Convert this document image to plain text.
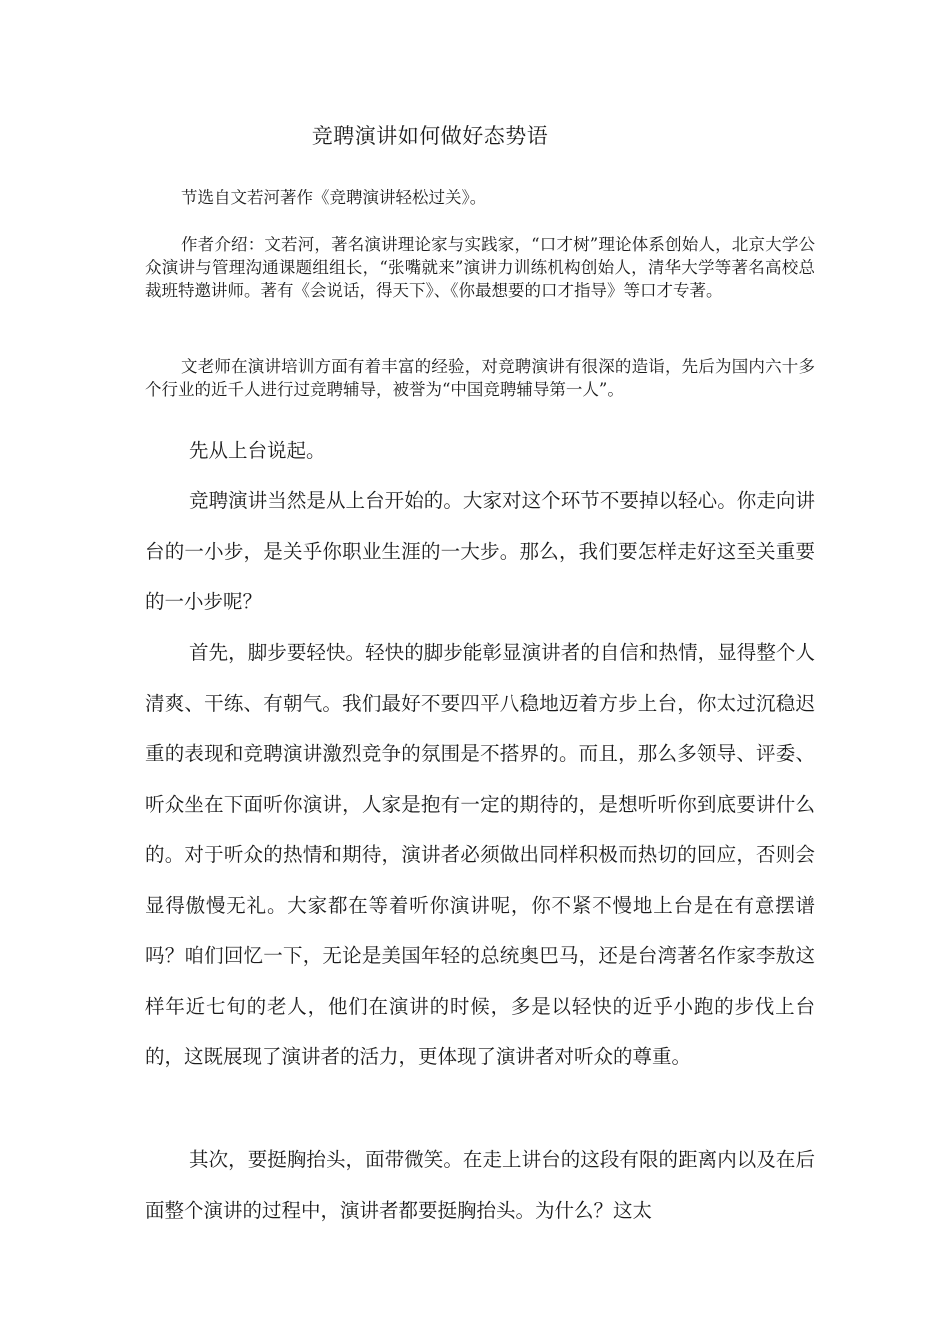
竞聘演讲如何做好态势语

节选自文若河著作《竞聘演讲轻松过关》。

作者介绍：文若河，著名演讲理论家与实践家，“口才树”理论体系创始人，北京大学公众演讲与管理沟通课题组组长，“张嘴就来”演讲力训练机构创始人，清华大学等著名高校总裁班特邀讲师。著有《会说话，得天下》、《你最想要的口才指导》等口才专著。

文老师在演讲培训方面有着丰富的经验，对竞聘演讲有很深的造诣，先后为国内六十多个行业的近千人进行过竞聘辅导，被誉为“中国竞聘辅导第一人”。

先从上台说起。

竞聘演讲当然是从上台开始的。大家对这个环节不要掉以轻心。你走向讲台的一小步，是关乎你职业生涯的一大步。那么，我们要怎样走好这至关重要的一小步呢？

首先，脚步要轻快。轻快的脚步能彰显演讲者的自信和热情，显得整个人清爽、干练、有朝气。我们最好不要四平八稳地迈着方步上台，你太过沉稳迟重的表现和竞聘演讲激烈竞争的氛围是不搭界的。而且，那么多领导、评委、听众坐在下面听你演讲，人家是抱有一定的期待的，是想听听你到底要讲什么的。对于听众的热情和期待，演讲者必须做出同样积极而热切的回应，否则会显得傲慢无礼。大家都在等着听你演讲呢，你不紧不慢地上台是在有意摆谱吗？咱们回忆一下，无论是美国年轻的总统奥巴马，还是台湾著名作家李敖这样年近七旬的老人，他们在演讲的时候，多是以轻快的近乎小跑的步伐上台的，这既展现了演讲者的活力，更体现了演讲者对听众的尊重。

其次，要挺胸抬头，面带微笑。在走上讲台的这段有限的距离内以及在后面整个演讲的过程中，演讲者都要挺胸抬头。为什么？这太
